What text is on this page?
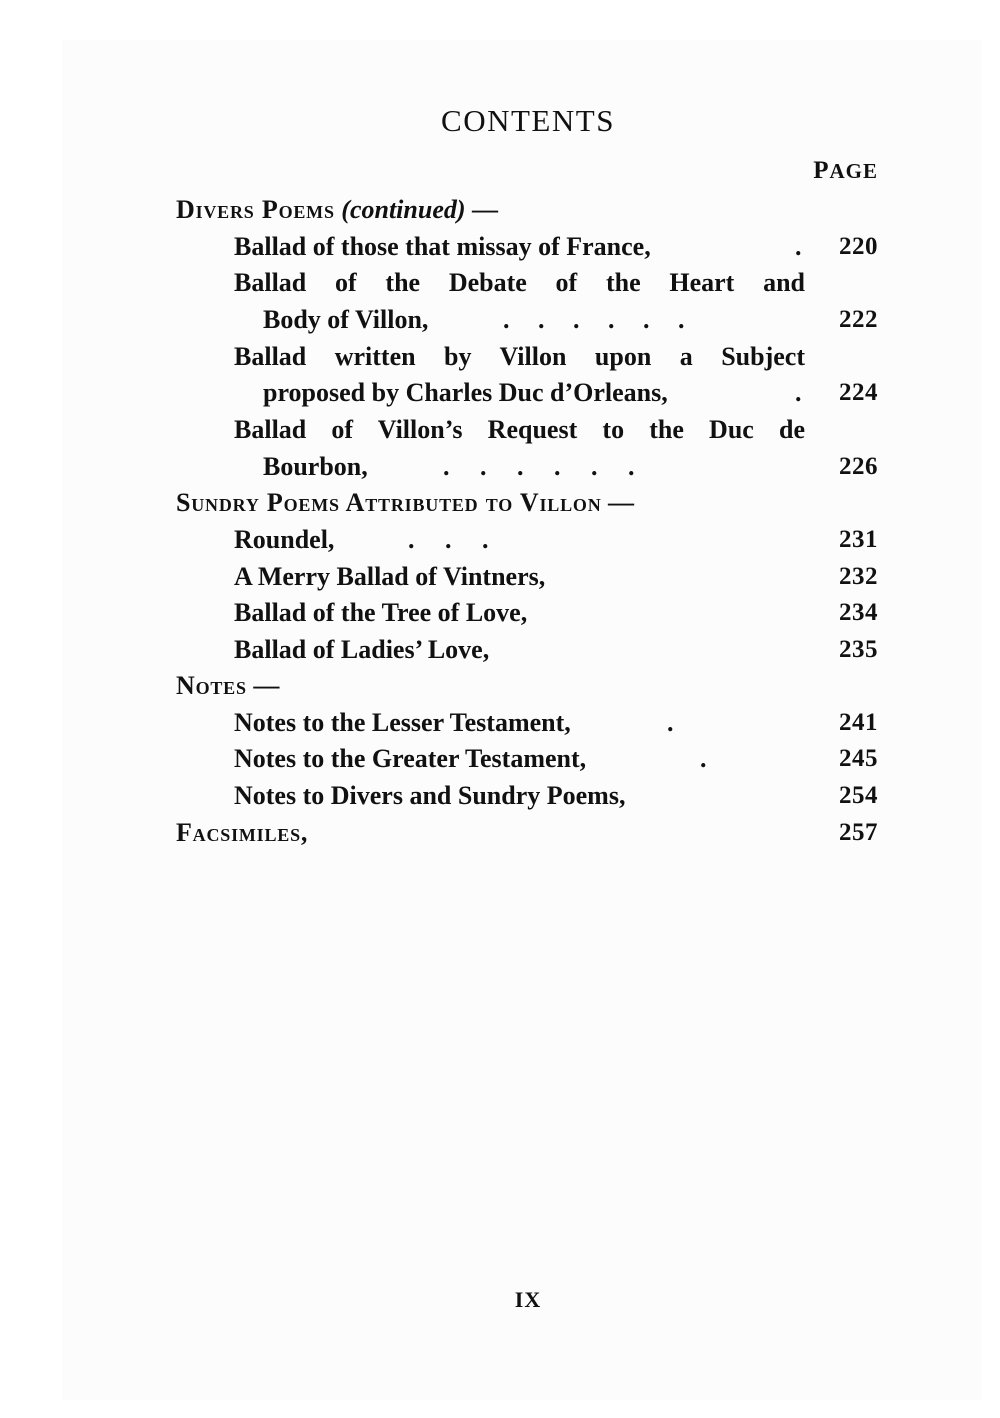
CONTENTS
PAGE
Divers Poems (continued) —
Ballad of those that missay of France,	. 220
Ballad of the Debate of the Heart and
Body of Villon,	. . . . . .	222
Ballad written by Villon upon a Subject
proposed by Charles Duc d’Orleans,	. 224
Ballad of Villon’s Request to the Duc de
Bourbon,	. . . . . .	226
Sundry Poems Attributed to Villon —
Roundel,	. . .	231
A Merry Ballad of Vintners,	232
Ballad of the Tree of Love,	234
Ballad of Ladies’ Love,	235
Notes —
Notes to the Lesser Testament,	.	241
Notes to the Greater Testament,	.	245
Notes to Divers and Sundry Poems,	254
Facsimiles,	257
IX
